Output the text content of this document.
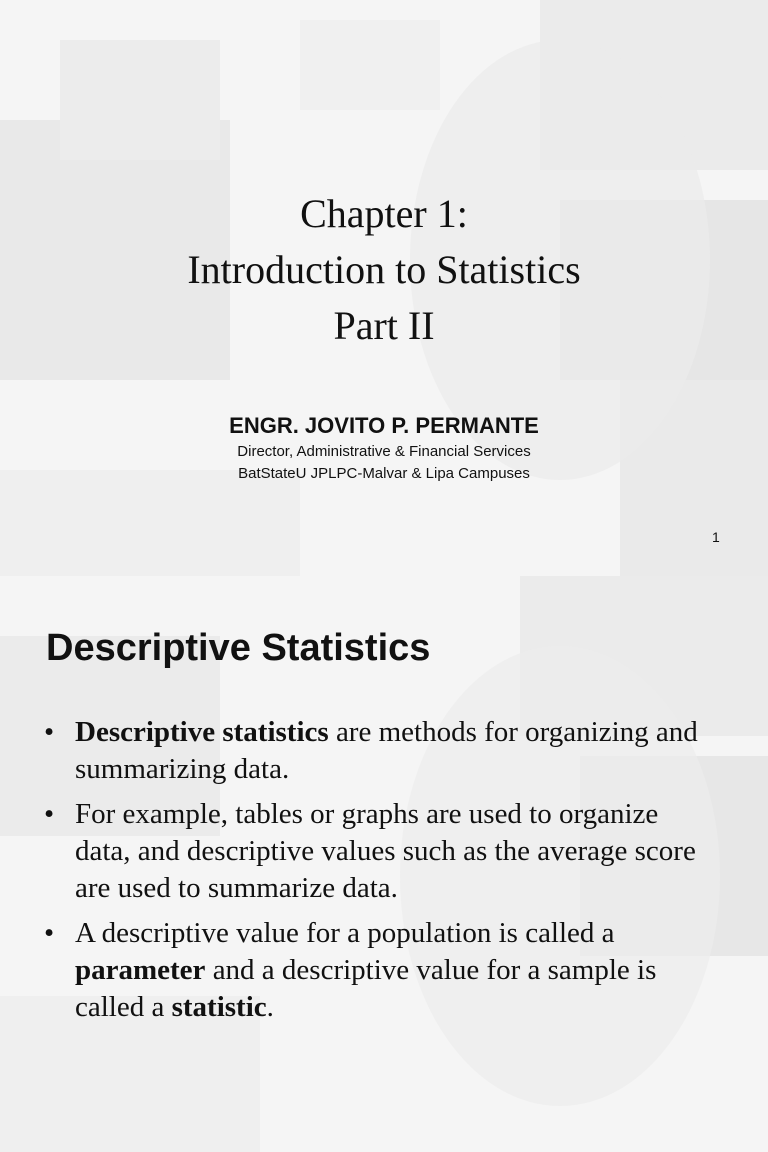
Chapter 1:
Introduction to Statistics
Part II
ENGR. JOVITO P. PERMANTE
Director, Administrative & Financial Services
BatStateU JPLPC-Malvar & Lipa Campuses
1
Descriptive Statistics
• Descriptive statistics are methods for organizing and summarizing data.
• For example, tables or graphs are used to organize data, and descriptive values such as the average score are used to summarize data.
• A descriptive value for a population is called a parameter and a descriptive value for a sample is called a statistic.
